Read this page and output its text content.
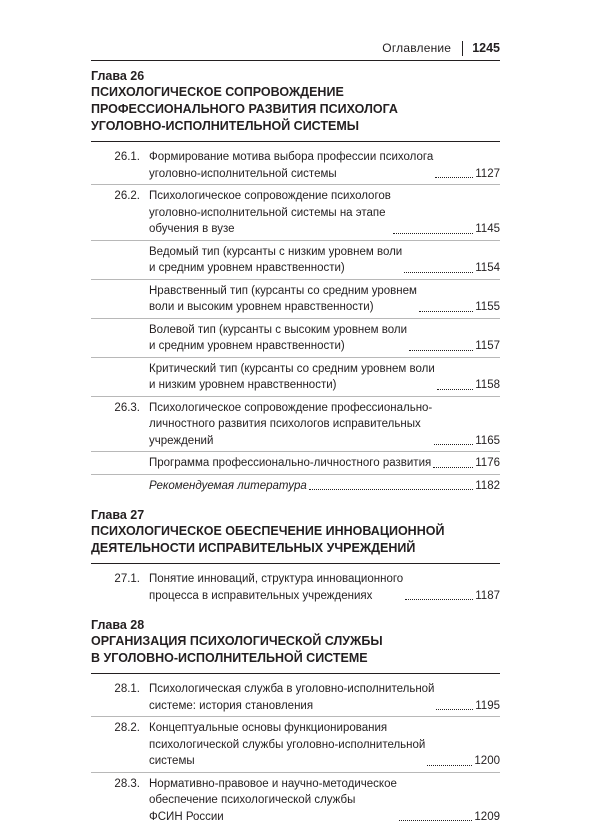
Оглавление 1245
Глава 26
ПСИХОЛОГИЧЕСКОЕ СОПРОВОЖДЕНИЕ
ПРОФЕССИОНАЛЬНОГО РАЗВИТИЯ ПСИХОЛОГА
УГОЛОВНО-ИСПОЛНИТЕЛЬНОЙ СИСТЕМЫ
26.1. Формирование мотива выбора профессии психолога
уголовно-исполнительной системы	1127
26.2. Психологическое сопровождение психологов
уголовно-исполнительной системы на этапе
обучения в вузе	1145
Ведомый тип (курсанты с низким уровнем воли
и средним уровнем нравственности)	1154
Нравственный тип (курсанты со средним уровнем
воли и высоким уровнем нравственности)	1155
Волевой тип (курсанты с высоким уровнем воли
и средним уровнем нравственности)	1157
Критический тип (курсанты со средним уровнем воли
и низким уровнем нравственности)	1158
26.3. Психологическое сопровождение профессионально-
личностного развития психологов исправительных
учреждений	1165
Программа профессионально-личностного развития	1176
Рекомендуемая литература	1182
Глава 27
ПСИХОЛОГИЧЕСКОЕ ОБЕСПЕЧЕНИЕ ИННОВАЦИОННОЙ
ДЕЯТЕЛЬНОСТИ ИСПРАВИТЕЛЬНЫХ УЧРЕЖДЕНИЙ
27.1. Понятие инноваций, структура инновационного
процесса в исправительных учреждениях	1187
Глава 28
ОРГАНИЗАЦИЯ ПСИХОЛОГИЧЕСКОЙ СЛУЖБЫ
В УГОЛОВНО-ИСПОЛНИТЕЛЬНОЙ СИСТЕМЕ
28.1. Психологическая служба в уголовно-исполнительной
системе: история становления	1195
28.2. Концептуальные основы функционирования
психологической службы уголовно-исполнительной
системы	1200
28.3. Нормативно-правовое и научно-методическое
обеспечение психологической службы
ФСИН России	1209
